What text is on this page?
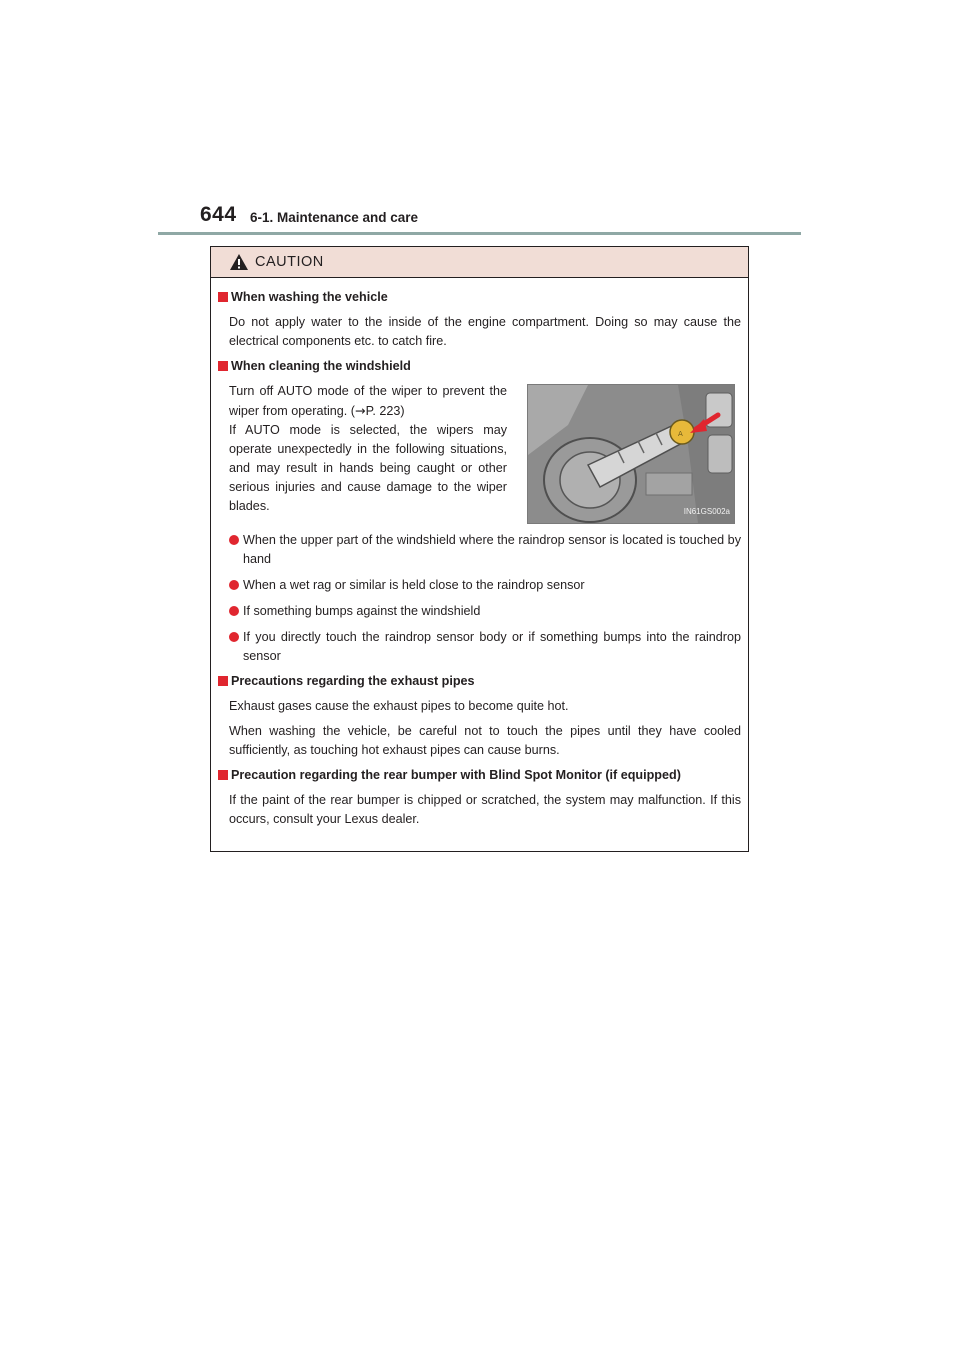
644 6-1. Maintenance and care
CAUTION
When washing the vehicle
Do not apply water to the inside of the engine compartment. Doing so may cause the electrical components etc. to catch fire.
When cleaning the windshield
Turn off AUTO mode of the wiper to prevent the wiper from operating. (→P. 223)
If AUTO mode is selected, the wipers may operate unexpectedly in the following situations, and may result in hands being caught or other serious injuries and cause damage to the wiper blades.
A
IN61GS002a
When the upper part of the windshield where the raindrop sensor is located is touched by hand
When a wet rag or similar is held close to the raindrop sensor
If something bumps against the windshield
If you directly touch the raindrop sensor body or if something bumps into the raindrop sensor
Precautions regarding the exhaust pipes
Exhaust gases cause the exhaust pipes to become quite hot.
When washing the vehicle, be careful not to touch the pipes until they have cooled sufficiently, as touching hot exhaust pipes can cause burns.
Precaution regarding the rear bumper with Blind Spot Monitor (if equipped)
If the paint of the rear bumper is chipped or scratched, the system may malfunction. If this occurs, consult your Lexus dealer.
